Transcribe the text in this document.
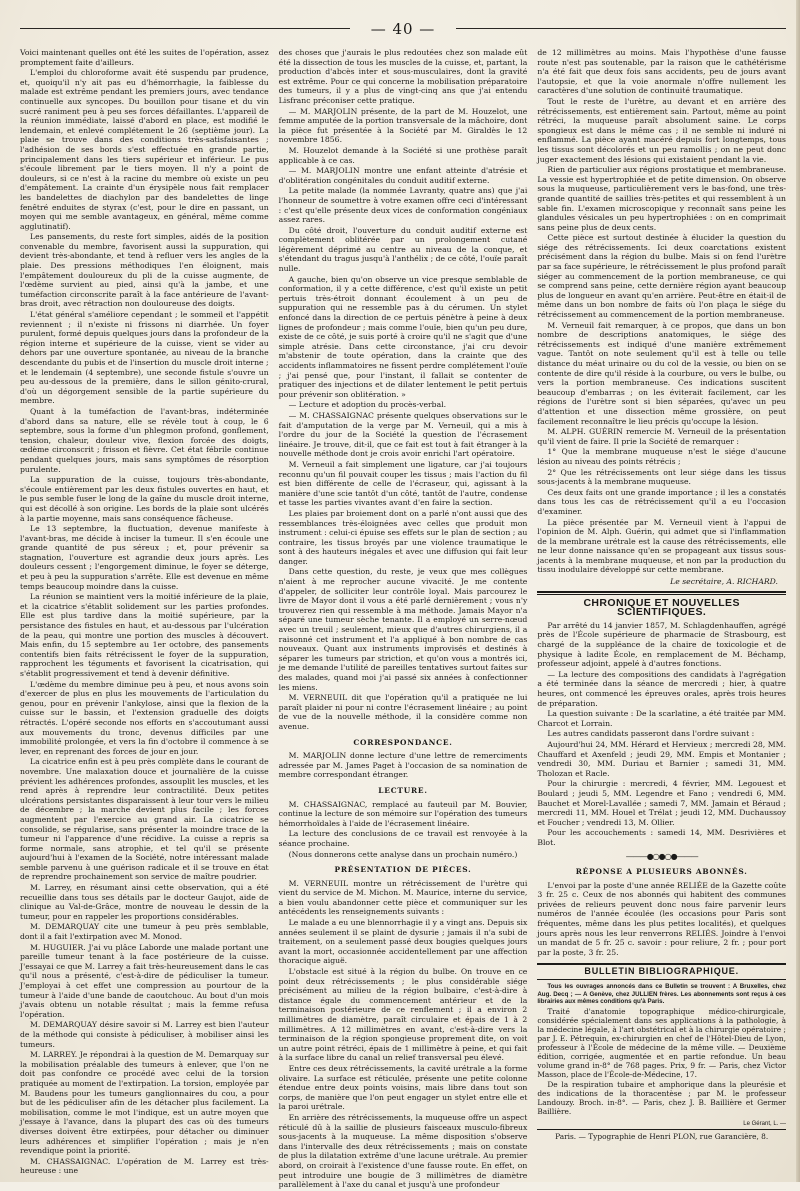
— 40 —

Voici maintenant quelles ont été les suites de l'opération, assez promptement faite d'ailleurs.

L'emploi du chloroforme avait été suspendu par prudence, et, quoiqu'il n'y ait pas eu d'hémorrhagie, la faiblesse du malade est extrême pendant les premiers jours, avec tendance continuelle aux syncopes. Du bouillon pour tisane et du vin sucré raniment peu à peu ses forces défaillantes. L'appareil de la réunion immédiate, laissé d'abord en place, est modifié le lendemain, et enlevé complétement le 26 (septième jour). La plaie se trouve dans des conditions très-satisfaisantes ; l'adhésion de ses bords s'est effectuée en grande partie, principalement dans les tiers supérieur et inférieur. Le pus s'écoule librement par le tiers moyen. Il n'y a point de douleurs, si ce n'est à la racine du membre où existe un peu d'empâtement. La crainte d'un érysipèle nous fait remplacer les bandelettes de diachylon par des bandelettes de linge fenêtré enduites de styrax (c'est, pour le dire en passant, un moyen qui me semble avantageux, en général, même comme agglutinatif).

Les pansements, du reste fort simples, aidés de la position convenable du membre, favorisent aussi la suppuration, qui devient très-abondante, et tend à refluer vers les angles de la plaie. Des pressions méthodiques l'en éloignent, mais l'empâtement douloureux du pli de la cuisse augmente, de l'œdème survient au pied, ainsi qu'à la jambe, et une tuméfaction circonscrite paraît à la face antérieure de l'avant-bras droit, avec rétraction non douloureuse des doigts.

L'état général s'améliore cependant ; le sommeil et l'appétit reviennent ; il n'existe ni frissons ni diarrhée. Un foyer purulent, formé depuis quelques jours dans la profondeur de la région interne et supérieure de la cuisse, vient se vider au dehors par une ouverture spontanée, au niveau de la branche descendante du pubis et de l'insertion du muscle droit interne ; et le lendemain (4 septembre), une seconde fistule s'ouvre un peu au-dessous de la première, dans le sillon génito-crural, d'où un dégorgement sensible de la partie supérieure du membre.

Quant à la tuméfaction de l'avant-bras, indéterminée d'abord dans sa nature, elle se révèle tout à coup, le 6 septembre, sous la forme d'un phlegmon profond, gonflement, tension, chaleur, douleur vive, flexion forcée des doigts, œdème circonscrit ; frisson et fièvre. Cet état fébrile continue pendant quelques jours, mais sans symptômes de résorption purulente.

La suppuration de la cuisse, toujours très-abondante, s'écoule entièrement par les deux fistules ouvertes en haut, et le pus semble fuser le long de la gaîne du muscle droit interne, qui est décollé à son origine. Les bords de la plaie sont ulcérés à la partie moyenne, mais sans conséquence fâcheuse.

Le 13 septembre, la fluctuation, devenue manifeste à l'avant-bras, me décide à inciser la tumeur. Il s'en écoule une grande quantité de pus séreux ; et, pour prévenir sa stagnation, l'ouverture est agrandie deux jours après. Les douleurs cessent ; l'engorgement diminue, le foyer se déterge, et peu à peu la suppuration s'arrête. Elle est devenue en même temps beaucoup moindre dans la cuisse.

La réunion se maintient vers la moitié inférieure de la plaie, et la cicatrice s'établit solidement sur les parties profondes. Elle est plus tardive dans la moitié supérieure, par la persistance des fistules en haut, et au-dessous par l'ulcération de la peau, qui montre une portion des muscles à découvert. Mais enfin, du 15 septembre au 1er octobre, des pansements contentifs bien faits rétrécissent le foyer de la suppuration, rapprochent les téguments et favorisent la cicatrisation, qui s'établit progressivement et tend à devenir définitive.

L'œdème du membre diminue peu à peu, et nous avons soin d'exercer de plus en plus les mouvements de l'articulation du genou, pour en prévenir l'ankylose, ainsi que la flexion de la cuisse sur le bassin, et l'extension graduelle des doigts rétractés. L'opéré seconde nos efforts en s'accoutumant aussi aux mouvements du tronc, devenus difficiles par une immobilité prolongée, et vers la fin d'octobre il commence à se lever, en reprenant des forces de jour en jour.

La cicatrice enfin est à peu près complète dans le courant de novembre. Une malaxation douce et journalière de la cuisse prévient les adhérences profondes, assouplit les muscles, et les rend après à reprendre leur contractilité. Deux petites ulcérations persistantes disparaissent à leur tour vers le milieu de décembre ; la marche devient plus facile ; les forces augmentent par l'exercice au grand air. La cicatrice se consolide, se régularise, sans présenter la moindre trace de la tumeur ni l'apparence d'une récidive. La cuisse a repris sa forme normale, sans atrophie, et tel qu'il se présente aujourd'hui à l'examen de la Société, notre intéressant malade semble parvenu à une guérison radicale et il se trouve en état de reprendre prochainement son service de maître poudrier.

M. Larrey, en résumant ainsi cette observation, qui a été recueillie dans tous ses détails par le docteur Gaujot, aide de clinique au Val-de-Grâce, montre de nouveau le dessin de la tumeur, pour en rappeler les proportions considérables.

M. DEMARQUAY cite une tumeur à peu près semblable, dont il a fait l'extirpation avec M. Monod.

M. HUGUIER. J'ai vu plâce Laborde une malade portant une pareille tumeur tenant à la face postérieure de la cuisse. J'essayai ce que M. Larrey a fait très-heureusement dans le cas qu'il nous a présenté, c'est-à-dire de pédiculiser la tumeur. J'employai à cet effet une compression au pourtour de la tumeur à l'aide d'une bande de caoutchouc. Au bout d'un mois j'avais obtenu un notable résultat ; mais la femme refusa l'opération.

M. DEMARQUAY désire savoir si M. Larrey est bien l'auteur de la méthode qui consiste à pédiculiser, à mobiliser ainsi les tumeurs.

M. LARREY. Je répondrai à la question de M. Demarquay sur la mobilisation préalable des tumeurs à enlever, que l'on ne doit pas confondre ce procédé avec celui de la torsion pratiquée au moment de l'extirpation. La torsion, employée par M. Baudens pour les tumeurs ganglionnaires du cou, a pour but de les pédiculiser afin de les détacher plus facilement. La mobilisation, comme le mot l'indique, est un autre moyen que j'essaye à l'avance, dans la plupart des cas où des tumeurs diverses doivent être extirpées, pour détacher ou diminuer leurs adhérences et simplifier l'opération ; mais je n'en revendique point la priorité.

M. CHASSAIGNAC. L'opération de M. Larrey est très-heureuse : une

des choses que j'aurais le plus redoutées chez son malade eût été la dissection de tous les muscles de la cuisse, et, partant, la production d'abcès inter et sous-musculaires, dont la gravité est extrême. Pour ce qui concerne la mobilisation préparatoire des tumeurs, il y a plus de vingt-cinq ans que j'ai entendu Lisfranc préconiser cette pratique.

— M. MARJOLIN présente, de la part de M. Houzelot, une femme amputée de la portion transversale de la mâchoire, dont la pièce fut présentée à la Société par M. Giraldès le 12 novembre 1856.

M. Houzelot demande à la Société si une prothèse paraît applicable à ce cas.

— M. MARJOLIN montre une enfant atteinte d'atrésie et d'oblitération congénitales du conduit auditif externe.

La petite malade (la nommée Lavranty, quatre ans) que j'ai l'honneur de soumettre à votre examen offre ceci d'intéressant : c'est qu'elle présente deux vices de conformation congéniaux assez rares.

Du côté droit, l'ouverture du conduit auditif externe est complètement oblitérée par un prolongement cutané légèrement déprimé au centre au niveau de la conque, et s'étendant du tragus jusqu'à l'anthélix ; de ce côté, l'ouïe paraît nulle.

A gauche, bien qu'on observe un vice presque semblable de conformation, il y a cette différence, c'est qu'il existe un petit pertuis très-étroit donnant écoulement à un peu de suppuration qui ne ressemble pas à du cérumen. Un stylet enfoncé dans la direction de ce pertuis pénètre à peine à deux lignes de profondeur ; mais comme l'ouïe, bien qu'un peu dure, existe de ce côté, je suis porté à croire qu'il ne s'agit que d'une simple atrésie. Dans cette circonstance, j'ai cru devoir m'abstenir de toute opération, dans la crainte que des accidents inflammatoires ne fissent perdre complétement l'ouïe ; j'ai pensé que, pour l'instant, il fallait se contenter de pratiquer des injections et de dilater lentement le petit pertuis pour prévenir son oblitération. »

— Lecture et adoption du procès-verbal.

— M. CHASSAIGNAC présente quelques observations sur le fait d'amputation de la verge par M. Verneuil, qui a mis à l'ordre du jour de la Société la question de l'écrasement linéaire. Je trouve, dit-il, que ce fait est tout à fait étranger à la nouvelle méthode dont je crois avoir enrichi l'art opératoire.

M. Verneuil a fait simplement une ligature, car j'ai toujours reconnu qu'un fil pouvait couper les tissus ; mais l'action du fil est bien différente de celle de l'écraseur, qui, agissant à la manière d'une scie tantôt d'un côté, tantôt de l'autre, condense et tasse les parties vivantes avant d'en faire la section.

Les plaies par broiement dont on a parlé n'ont aussi que des ressemblances très-éloignées avec celles que produit mon instrument : celui-ci épuise ses effets sur le plan de section ; au contraire, les tissus broyés par une violence traumatique le sont à des hauteurs inégales et avec une diffusion qui fait leur danger.

Dans cette question, du reste, je veux que mes collègues n'aient à me reprocher aucune vivacité. Je me contente d'appeler, de solliciter leur contrôle loyal. Mais parcourez le livre de Mayor dont il vous a été parlé dernièrement ; vous n'y trouverez rien qui ressemble à ma méthode. Jamais Mayor n'a séparé une tumeur sèche tenante. Il a employé un serre-nœud avec un treuil ; seulement, mieux que d'autres chirurgiens, il a raisonné cet instrument et l'a appliqué à bon nombre de cas nouveaux. Quant aux instruments improvisés et destinés à séparer les tumeurs par striction, et qu'on vous a montrés ici, je me demande l'utilité de pareilles tentatives surtout faites sur des malades, quand moi j'ai passé six années à confectionner les miens.

M. VERNEUIL dit que l'opération qu'il a pratiquée ne lui paraît plaider ni pour ni contre l'écrasement linéaire ; au point de vue de la nouvelle méthode, il la considère comme non avenue.

CORRESPONDANCE.

M. MARJOLIN donne lecture d'une lettre de remerciments adressée par M. James Paget à l'occasion de sa nomination de membre correspondant étranger.

LECTURE.

M. CHASSAIGNAC, remplacé au fauteuil par M. Bouvier, continue la lecture de son mémoire sur l'opération des tumeurs hémorrhoïdales à l'aide de l'écrasement linéaire.

La lecture des conclusions de ce travail est renvoyée à la séance prochaine.

(Nous donnerons cette analyse dans un prochain numéro.)

PRÉSENTATION DE PIÈCES.

M. VERNEUIL montre un rétrécissement de l'urètre qui vient du service de M. Michon. M. Maurice, interne du service, a bien voulu abandonner cette pièce et communiquer sur les antécédents les renseignements suivants :

Le malade a eu une blennorrhagie il y a vingt ans. Depuis six années seulement il se plaint de dysurie ; jamais il n'a subi de traitement, on a seulement passé deux bougies quelques jours avant la mort, occasionnée accidentellement par une affection thoracique aiguë.

L'obstacle est situé à la région du bulbe. On trouve en ce point deux rétrécissements ; le plus considérable siége précisément au milieu de la région bulbaire, c'est-à-dire à distance égale du commencement antérieur et de la terminaison postérieure de ce renflement ; il a environ 2 millimètres de diamètre, paraît circulaire et épais de 1 à 2 millimètres. A 12 millimètres en avant, c'est-à-dire vers la terminaison de la région spongieuse proprement dite, on voit un autre point rétréci, épais de 1 millimètre à peine, et qui fait à la surface libre du canal un relief transversal peu élevé.

Entre ces deux rétrécissements, la cavité urétrale a la forme olivaire. La surface est réticulée, présente une petite colonne étendue entre deux points voisins, mais libre dans tout son corps, de manière que l'on peut engager un stylet entre elle et la paroi urétrale.

En arrière des rétrécissements, la muqueuse offre un aspect réticulé dû à la saillie de plusieurs faisceaux musculo-fibreux sous-jacents à la muqueuse. La même disposition s'observe dans l'intervalle des deux rétrécissements ; mais on constate de plus la dilatation extrême d'une lacune urétrale. Au premier abord, on croirait à l'existence d'une fausse route. En effet, on peut introduire une bougie de 3 millimètres de diamètre parallèlement à l'axe du canal et jusqu'à une profondeur

de 12 millimètres au moins. Mais l'hypothèse d'une fausse route n'est pas soutenable, par la raison que le cathétérisme n'a été fait que deux fois sans accidents, peu de jours avant l'autopsie, et que la voie anormale n'offre nullement les caractères d'une solution de continuité traumatique.

Tout le reste de l'urètre, au devant et en arrière des rétrécissements, est entièrement sain. Partout, même au point rétréci, la muqueuse paraît absolument saine. Le corps spongieux est dans le même cas ; il ne semble ni induré ni enflammé. La pièce ayant macéré depuis fort longtemps, tous les tissus sont décolorés et un peu ramollis ; on ne peut donc juger exactement des lésions qui existaient pendant la vie.

Rien de particulier aux régions prostatique et membraneuse. La vessie est hypertrophiée et de petite dimension. On observe sous la muqueuse, particulièrement vers le bas-fond, une très-grande quantité de saillies très-petites et qui ressemblent à un sable fin. L'examen microscopique y reconnaît sans peine les glandules vésicales un peu hypertrophiées : on en comprimait sans peine plus de deux cents.

Cette pièce est surtout destinée à élucider la question du siége des rétrécissements. Ici deux coarctations existent précisément dans la région du bulbe. Mais si on fend l'urètre par sa face supérieure, le rétrécissement le plus profond paraît siéger au commencement de la portion membraneuse, ce qui se comprend sans peine, cette dernière région ayant beaucoup plus de longueur en avant qu'en arrière. Peut-être en était-il de même dans un bon nombre de faits où l'on plaça le siége du rétrécissement au commencement de la portion membraneuse.

M. Verneuil fait remarquer, à ce propos, que dans un bon nombre de descriptions anatomiques, le siége des rétrécissements est indiqué d'une manière extrêmement vague. Tantôt on note seulement qu'il est à telle ou telle distance du méat urinaire ou du col de la vessie, ou bien on se contente de dire qu'il réside à la courbure, ou vers le bulbe, ou vers la portion membraneuse. Ces indications suscitent beaucoup d'embarras ; on les éviterait facilement, car les régions de l'urètre sont si bien séparées, qu'avec un peu d'attention et une dissection même grossière, on peut facilement reconnaître le lieu précis qu'occupe la lésion.

M. ALPH. GUÉRIN remercie M. Verneuil de la présentation qu'il vient de faire. Il prie la Société de remarquer :

1° Que la membrane muqueuse n'est le siége d'aucune lésion au niveau des points rétrécis ;

2° Que les rétrécissements ont leur siége dans les tissus sous-jacents à la membrane muqueuse.

Ces deux faits ont une grande importance ; il les a constatés dans tous les cas de rétrécissement qu'il a eu l'occasion d'examiner.

La pièce présentée par M. Verneuil vient à l'appui de l'opinion de M. Alph. Guérin, qui admet que si l'inflammation de la membrane urétrale est la cause des rétrécissements, elle ne leur donne naissance qu'en se propageant aux tissus sous-jacents à la membrane muqueuse, et non par la production du tissu inodulaire développé sur cette membrane.

Le secrétaire, A. RICHARD.
CHRONIQUE ET NOUVELLES SCIENTIFIQUES.

Par arrêté du 14 janvier 1857, M. Schlagdenhauffen, agrégé près de l'École supérieure de pharmacie de Strasbourg, est chargé de la suppléance de la chaire de toxicologie et de physique à ladite École, en remplacement de M. Béchamp, professeur adjoint, appelé à d'autres fonctions.

— La lecture des compositions des candidats à l'agrégation a été terminée dans la séance de mercredi ; hier, à quatre heures, ont commencé les épreuves orales, après trois heures de préparation.

La question suivante : De la scarlatine, a été traitée par MM. Charcot et Lorrain.

Les autres candidats passeront dans l'ordre suivant :

Aujourd'hui 24, MM. Hérard et Hervieux ; mercredi 28, MM. Chauffard et Axenfeld ; jeudi 29, MM. Empis et Montanier ; vendredi 30, MM. Duriau et Barnier ; samedi 31, MM. Tholozan et Racle.

Pour la chirurgie : mercredi, 4 février, MM. Legouest et Boulard ; jeudi 5, MM. Legendre et Fano ; vendredi 6, MM. Bauchet et Morel-Lavallée ; samedi 7, MM. Jamain et Béraud ; mercredi 11, MM. Houel et Trélat ; jeudi 12, MM. Duchaussoy et Foucher ; vendredi 13, M. Ollier.

Pour les accouchements : samedi 14, MM. Desrivières et Blot.

———●○●○●———
RÉPONSE A PLUSIEURS ABONNÉS.

L'envoi par la poste d'une année RELIÉE de la Gazette coûte 3 fr. 25 c. Ceux de nos abonnés qui habitent des communes privées de relieurs peuvent donc nous faire parvenir leurs numéros de l'année écoulée (les occasions pour Paris sont fréquentes, même dans les plus petites localités), et quelques jours après nous les leur renverrons RELIÉS. Joindre à l'envoi un mandat de 5 fr. 25 c. savoir : pour reliure, 2 fr. ; pour port par la poste, 3 fr. 25.

BULLETIN BIBLIOGRAPHIQUE.

Tous les ouvrages annoncés dans ce Bulletin se trouvent : A Bruxelles, chez Aug. Decq ; — A Genève, chez JULLIEN frères. Les abonnements sont reçus à ces librairies aux mêmes conditions qu'à Paris.

Traité d'anatomie topographique médico-chirurgicale, considérée spécialement dans ses applications à la pathologie, à la médecine légale, à l'art obstétrical et à la chirurgie opératoire ; par J. E. Pétrequin, ex-chirurgien en chef de l'Hôtel-Dieu de Lyon, professeur à l'École de médecine de la même ville. — Deuxième édition, corrigée, augmentée et en partie refondue. Un beau volume grand in-8° de 768 pages. Prix, 9 fr. — Paris, chez Victor Masson, place de l'École-de-Médecine, 17.

De la respiration tubaire et amphorique dans la pleurésie et des indications de la thoracentèse ; par M. le professeur Landouzy. Broch. in-8°. — Paris, chez J. B. Baillière et Germer Baillière.

Le Gérant, L. —
Paris. — Typographie de Henri PLON, rue Garancière, 8.
